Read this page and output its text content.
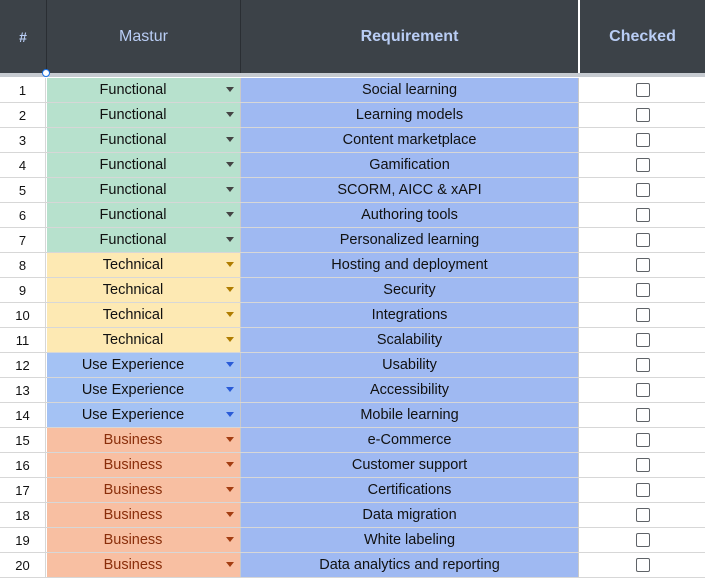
#	Mastur	Requirement	Checked
1	Functional	Social learning
2	Functional	Learning models
3	Functional	Content marketplace
4	Functional	Gamification
5	Functional	SCORM, AICC & xAPI
6	Functional	Authoring tools
7	Functional	Personalized learning
8	Technical	Hosting and deployment
9	Technical	Security
10	Technical	Integrations
11	Technical	Scalability
12	Use Experience	Usability
13	Use Experience	Accessibility
14	Use Experience	Mobile learning
15	Business	e-Commerce
16	Business	Customer support
17	Business	Certifications
18	Business	Data migration
19	Business	White labeling
20	Business	Data analytics and reporting
